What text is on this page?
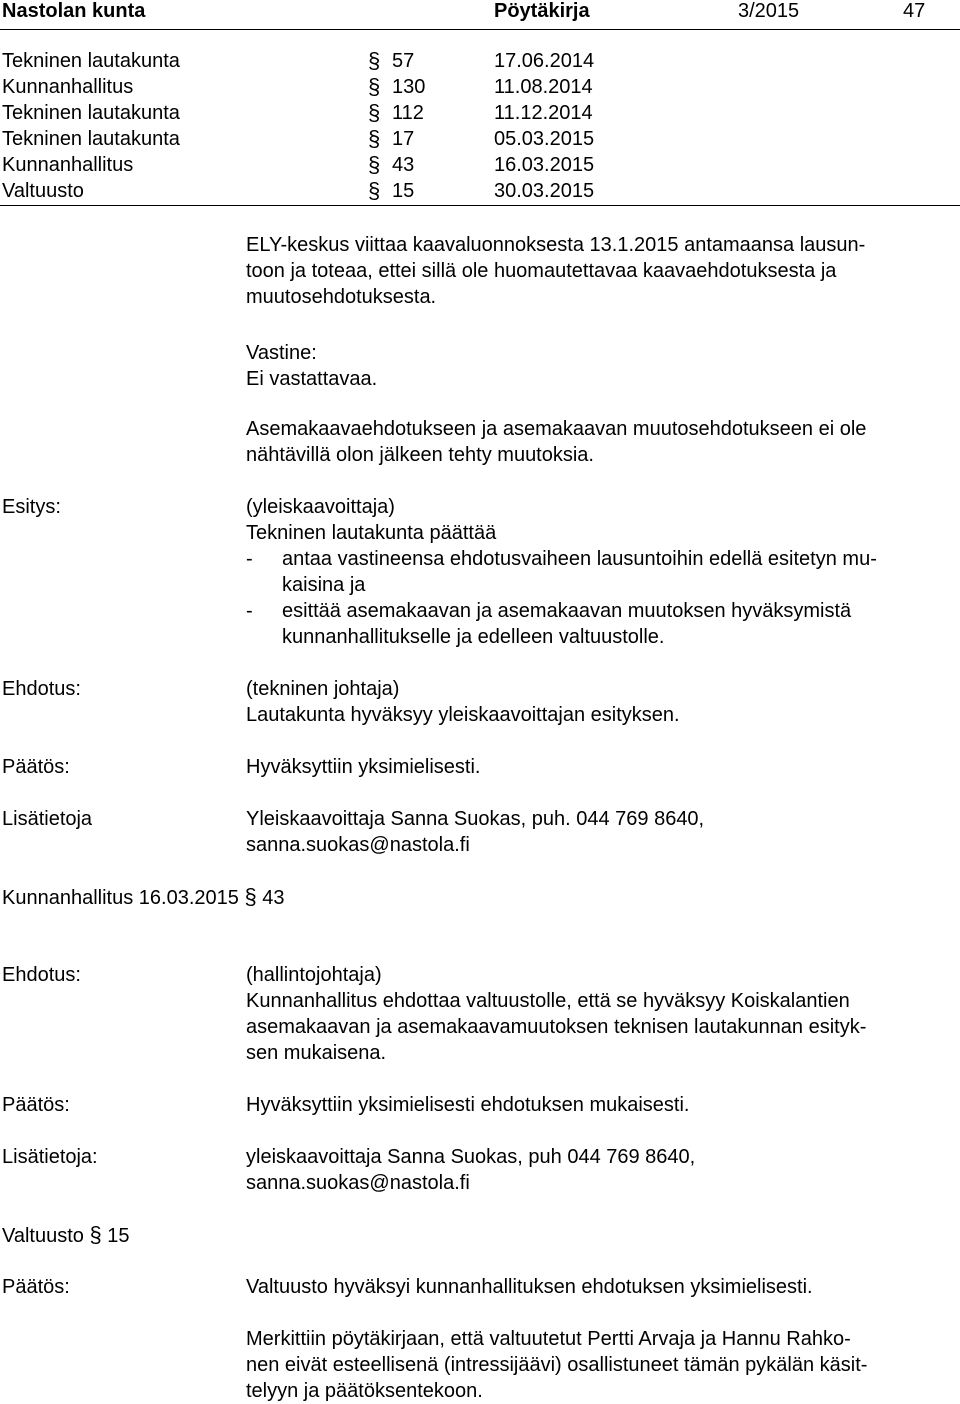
Nastolan kunta	Pöytäkirja	3/2015	47
Tekninen lautakunta	§ 57	17.06.2014
Kunnanhallitus	§ 130	11.08.2014
Tekninen lautakunta	§ 112	11.12.2014
Tekninen lautakunta	§ 17	05.03.2015
Kunnanhallitus	§ 43	16.03.2015
Valtuusto	§ 15	30.03.2015
ELY-keskus viittaa kaavaluonnoksesta 13.1.2015 antamaansa lausun-
toon ja toteaa, ettei sillä ole huomautettavaa kaavaehdotuksesta ja
muutosehdotuksesta.
Vastine:
Ei vastattavaa.
Asemakaavaehdotukseen ja asemakaavan muutosehdotukseen ei ole
nähtävillä olon jälkeen tehty muutoksia.
Esitys:	(yleiskaavoittaja)
Tekninen lautakunta päättää
- antaa vastineensa ehdotusvaiheen lausuntoihin edellä esitetyn mu-
kaisina ja
- esittää asemakaavan ja asemakaavan muutoksen hyväksymistä
kunnanhallitukselle ja edelleen valtuustolle.
Ehdotus:	(tekninen johtaja)
Lautakunta hyväksyy yleiskaavoittajan esityksen.
Päätös:	Hyväksyttiin yksimielisesti.
Lisätietoja	Yleiskaavoittaja Sanna Suokas, puh. 044 769 8640,
sanna.suokas@nastola.fi
Kunnanhallitus 16.03.2015 § 43
Ehdotus:	(hallintojohtaja)
Kunnanhallitus ehdottaa valtuustolle, että se hyväksyy Koiskalantien
asemakaavan ja asemakaavamuutoksen teknisen lautakunnan esityk-
sen mukaisena.
Päätös:	Hyväksyttiin yksimielisesti ehdotuksen mukaisesti.
Lisätietoja:	yleiskaavoittaja Sanna Suokas, puh 044 769 8640,
sanna.suokas@nastola.fi
Valtuusto § 15
Päätös:	Valtuusto hyväksyi kunnanhallituksen ehdotuksen yksimielisesti.
Merkittiin pöytäkirjaan, että valtuutetut Pertti Arvaja ja Hannu Rahko-
nen eivät esteellisenä (intressijäävi) osallistuneet tämän pykälän käsit-
telyyn ja päätöksentekoon.
